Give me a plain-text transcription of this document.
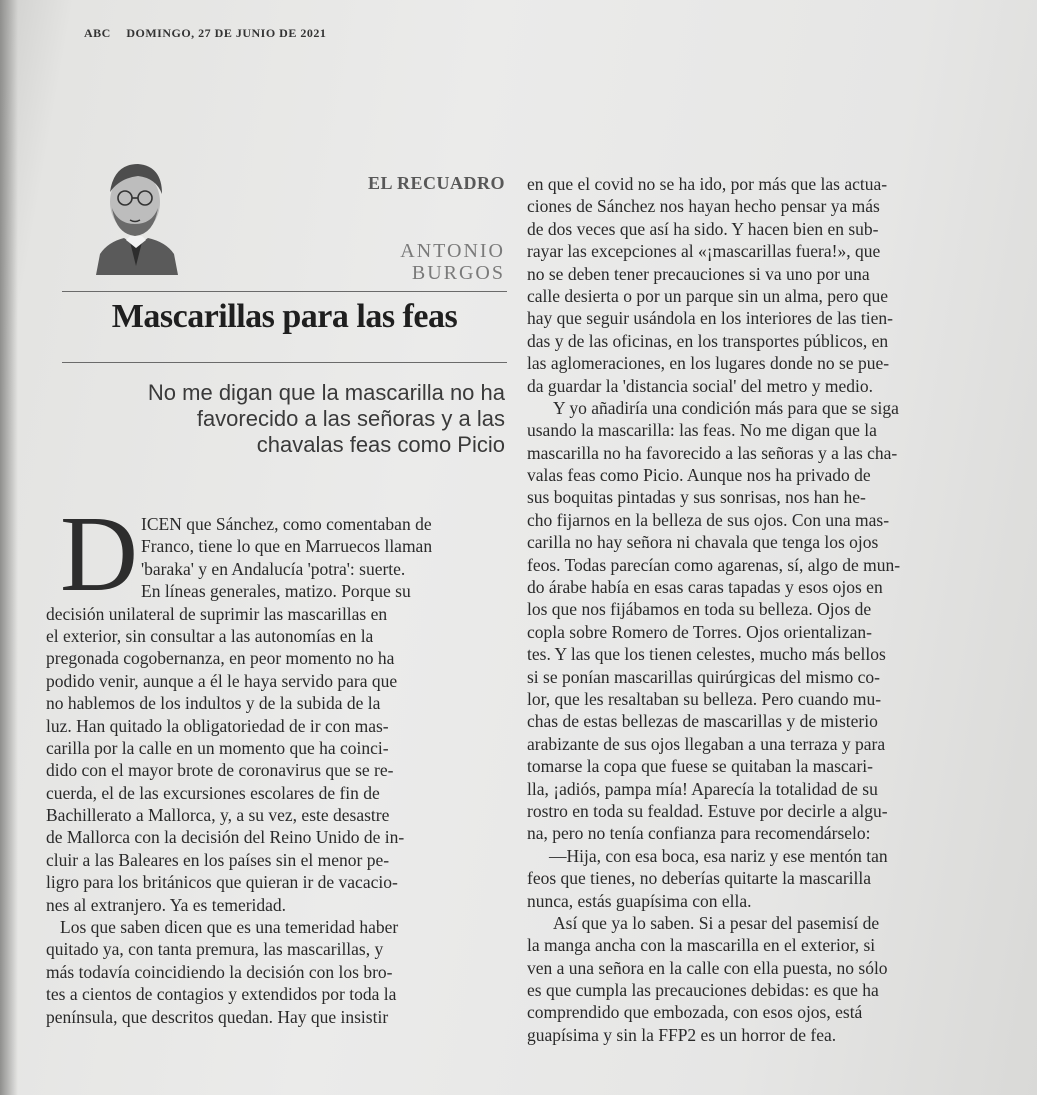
ABC DOMINGO, 27 DE JUNIO DE 2021
EL RECUADRO
ANTONIO
BURGOS
Mascarillas para las feas
No me digan que la mascarilla no ha
favorecido a las señoras y a las
chavalas feas como Picio
D ICEN que Sánchez, como comentaban de
Franco, tiene lo que en Marruecos llaman
'baraka' y en Andalucía 'potra': suerte.
En líneas generales, matizo. Porque su
decisión unilateral de suprimir las mascarillas en
el exterior, sin consultar a las autonomías en la
pregonada cogobernanza, en peor momento no ha
podido venir, aunque a él le haya servido para que
no hablemos de los indultos y de la subida de la
luz. Han quitado la obligatoriedad de ir con mas-
carilla por la calle en un momento que ha coinci-
dido con el mayor brote de coronavirus que se re-
cuerda, el de las excursiones escolares de fin de
Bachillerato a Mallorca, y, a su vez, este desastre
de Mallorca con la decisión del Reino Unido de in-
cluir a las Baleares en los países sin el menor pe-
ligro para los británicos que quieran ir de vacacio-
nes al extranjero. Ya es temeridad.
Los que saben dicen que es una temeridad haber
quitado ya, con tanta premura, las mascarillas, y
más todavía coincidiendo la decisión con los bro-
tes a cientos de contagios y extendidos por toda la
península, que descritos quedan. Hay que insistir
en que el covid no se ha ido, por más que las actua-
ciones de Sánchez nos hayan hecho pensar ya más
de dos veces que así ha sido. Y hacen bien en sub-
rayar las excepciones al «¡mascarillas fuera!», que
no se deben tener precauciones si va uno por una
calle desierta o por un parque sin un alma, pero que
hay que seguir usándola en los interiores de las tien-
das y de las oficinas, en los transportes públicos, en
las aglomeraciones, en los lugares donde no se pue-
da guardar la 'distancia social' del metro y medio.
Y yo añadiría una condición más para que se siga
usando la mascarilla: las feas. No me digan que la
mascarilla no ha favorecido a las señoras y a las cha-
valas feas como Picio. Aunque nos ha privado de
sus boquitas pintadas y sus sonrisas, nos han he-
cho fijarnos en la belleza de sus ojos. Con una mas-
carilla no hay señora ni chavala que tenga los ojos
feos. Todas parecían como agarenas, sí, algo de mun-
do árabe había en esas caras tapadas y esos ojos en
los que nos fijábamos en toda su belleza. Ojos de
copla sobre Romero de Torres. Ojos orientalizan-
tes. Y las que los tienen celestes, mucho más bellos
si se ponían mascarillas quirúrgicas del mismo co-
lor, que les resaltaban su belleza. Pero cuando mu-
chas de estas bellezas de mascarillas y de misterio
arabizante de sus ojos llegaban a una terraza y para
tomarse la copa que fuese se quitaban la mascari-
lla, ¡adiós, pampa mía! Aparecía la totalidad de su
rostro en toda su fealdad. Estuve por decirle a algu-
na, pero no tenía confianza para recomendárselo:
—Hija, con esa boca, esa nariz y ese mentón tan
feos que tienes, no deberías quitarte la mascarilla
nunca, estás guapísima con ella.
Así que ya lo saben. Si a pesar del pasemisí de
la manga ancha con la mascarilla en el exterior, si
ven a una señora en la calle con ella puesta, no sólo
es que cumpla las precauciones debidas: es que ha
comprendido que embozada, con esos ojos, está
guapísima y sin la FFP2 es un horror de fea.
